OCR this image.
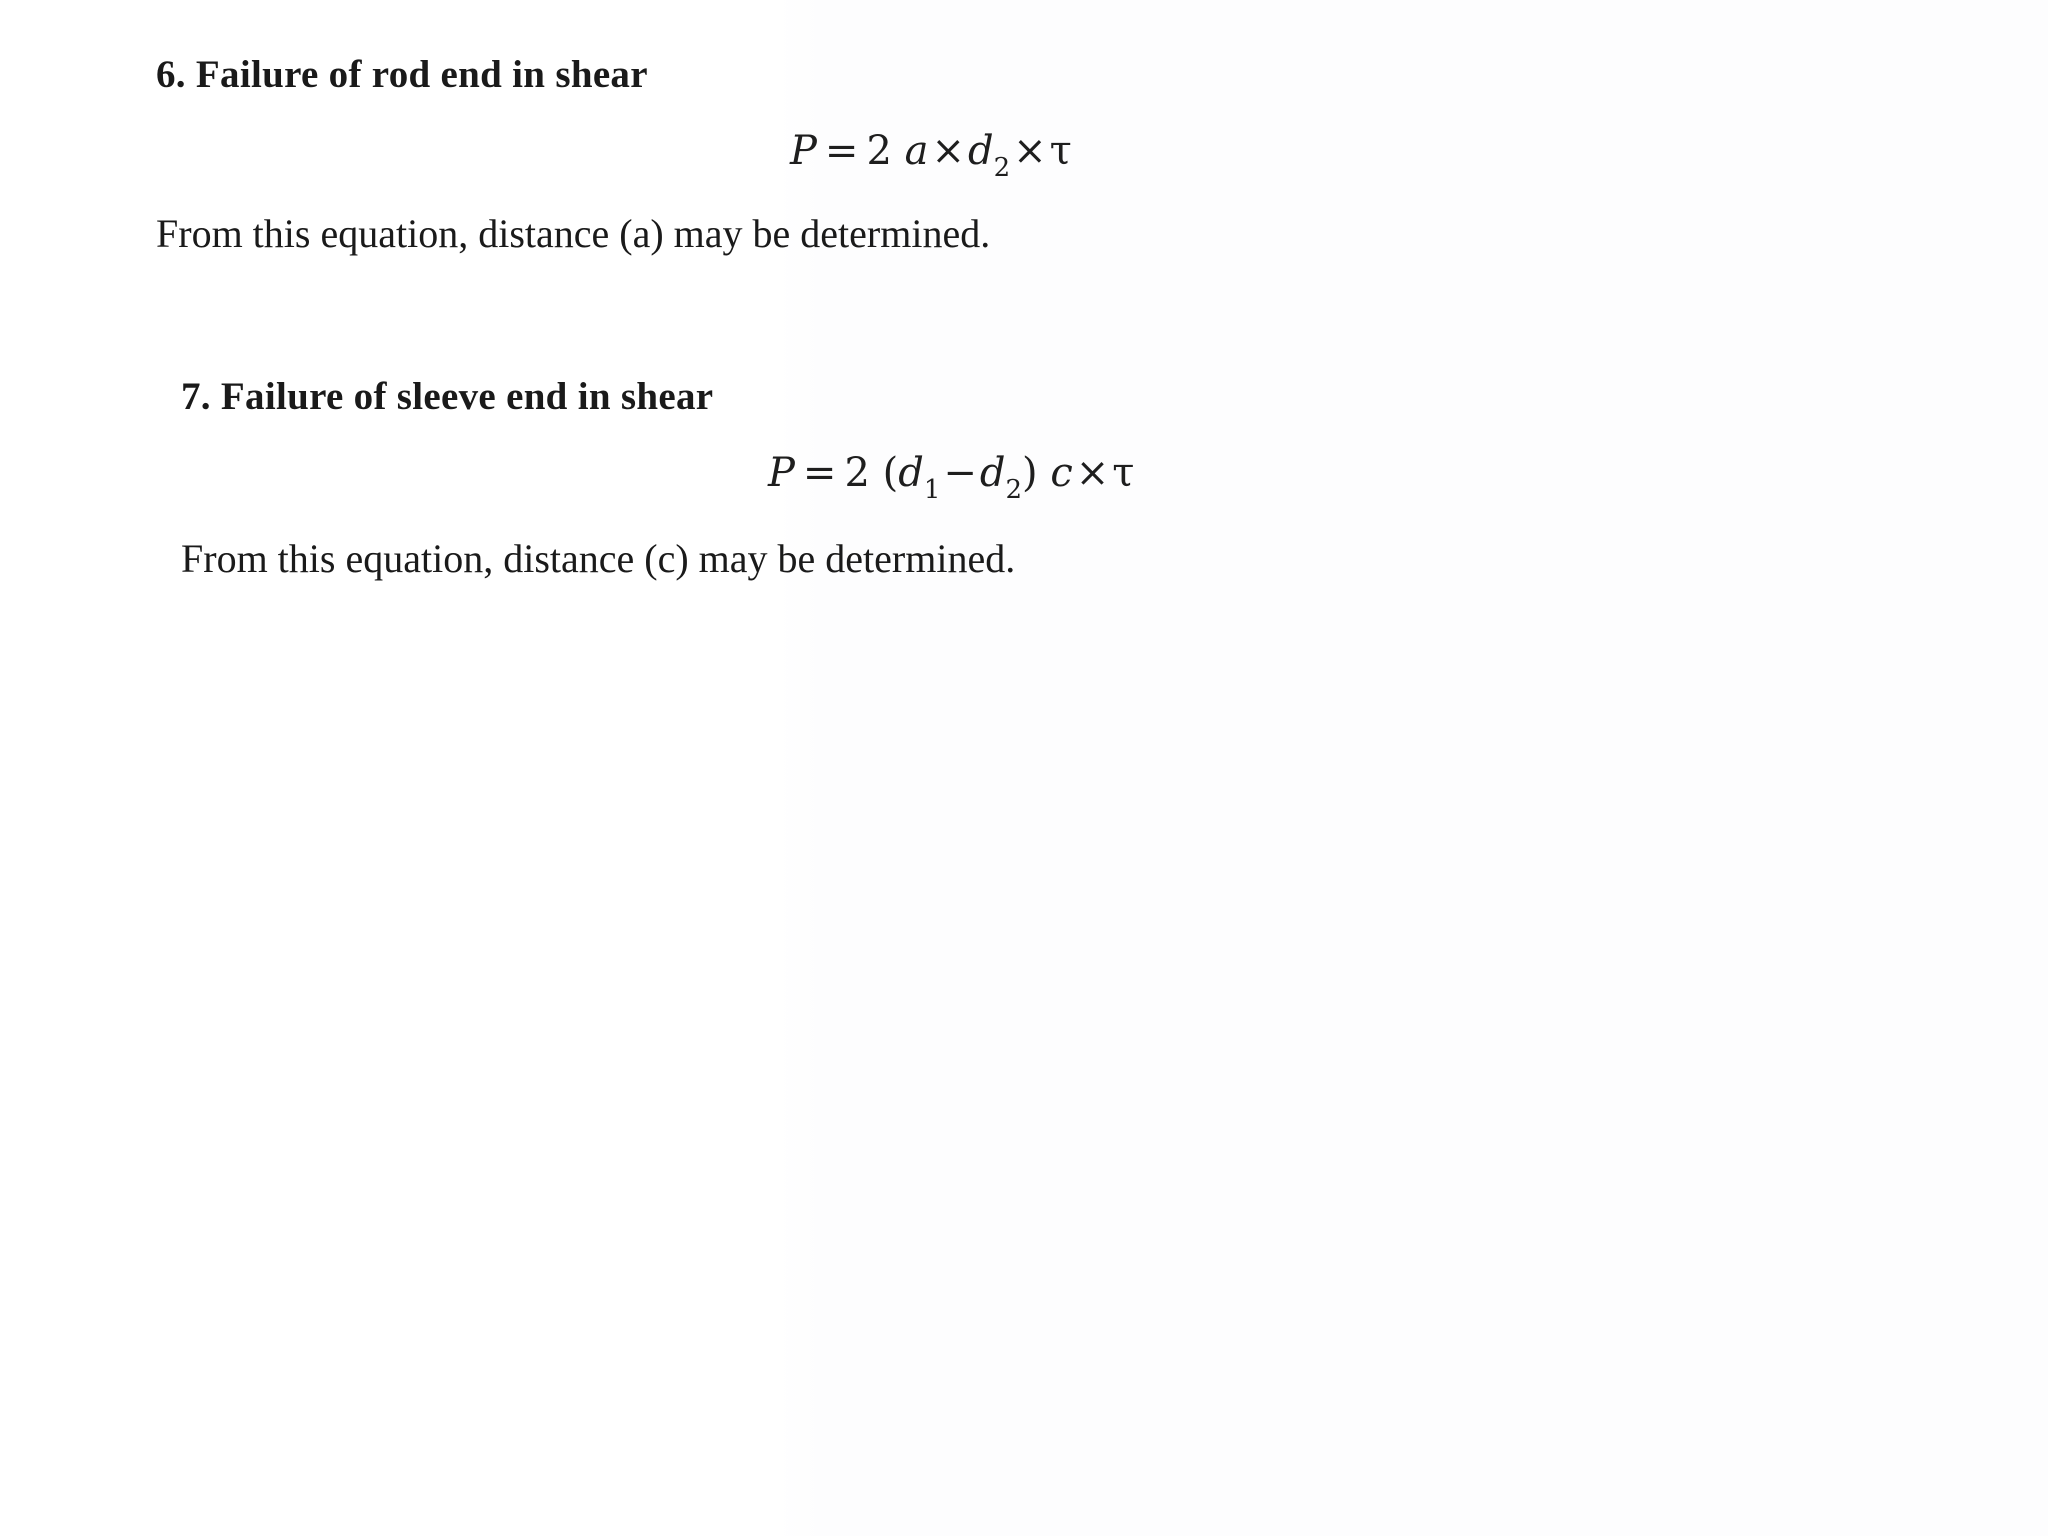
6. Failure of rod end in shear
P = 2 $a\times d_2\times\tau$

From this equation, distance (a) may be determined.

7. Failure of sleeve end in shear
P = 2 $(d_1-d_2)$ c×τ

From this equation, distance (c) may be determined.
